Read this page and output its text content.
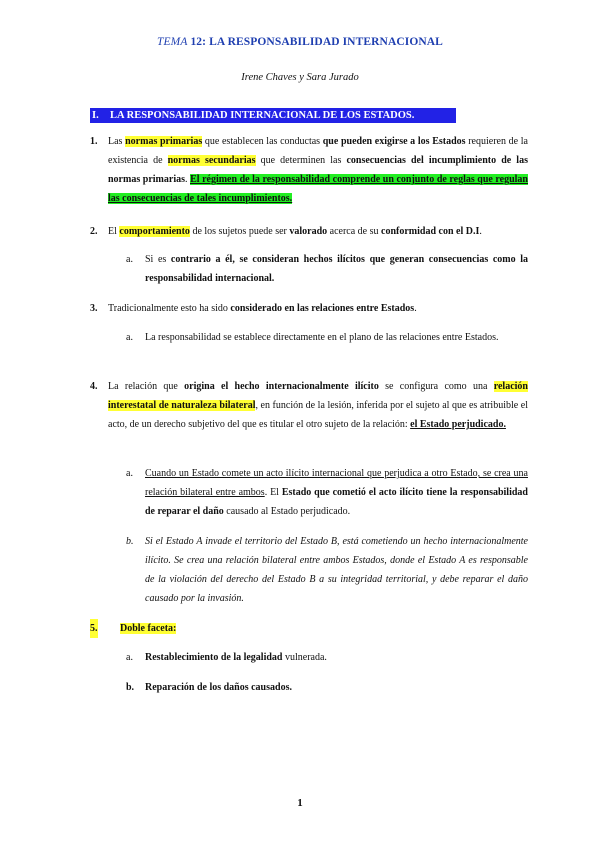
TEMA 12: LA RESPONSABILIDAD INTERNACIONAL
Irene Chaves y Sara Jurado
I. LA RESPONSABILIDAD INTERNACIONAL DE LOS ESTADOS.
1. Las normas primarias que establecen las conductas que pueden exigirse a los Estados requieren de la existencia de normas secundarias que determinen las consecuencias del incumplimiento de las normas primarias. El régimen de la responsabilidad comprende un conjunto de reglas que regulan las consecuencias de tales incumplimientos.
2. El comportamiento de los sujetos puede ser valorado acerca de su conformidad con el D.I.
a. Si es contrario a él, se consideran hechos ilícitos que generan consecuencias como la responsabilidad internacional.
3. Tradicionalmente esto ha sido considerado en las relaciones entre Estados.
a. La responsabilidad se establece directamente en el plano de las relaciones entre Estados.
4. La relación que origina el hecho internacionalmente ilícito se configura como una relación interestatal de naturaleza bilateral, en función de la lesión, inferida por el sujeto al que es atribuible el acto, de un derecho subjetivo del que es titular el otro sujeto de la relación: el Estado perjudicado.
a. Cuando un Estado comete un acto ilícito internacional que perjudica a otro Estado, se crea una relación bilateral entre ambos. El Estado que cometió el acto ilícito tiene la responsabilidad de reparar el daño causado al Estado perjudicado.
b. Si el Estado A invade el territorio del Estado B, está cometiendo un hecho internacionalmente ilícito. Se crea una relación bilateral entre ambos Estados, donde el Estado A es responsable de la violación del derecho del Estado B a su integridad territorial, y debe reparar el daño causado por la invasión.
5. Doble faceta:
a. Restablecimiento de la legalidad vulnerada.
b. Reparación de los daños causados.
1
